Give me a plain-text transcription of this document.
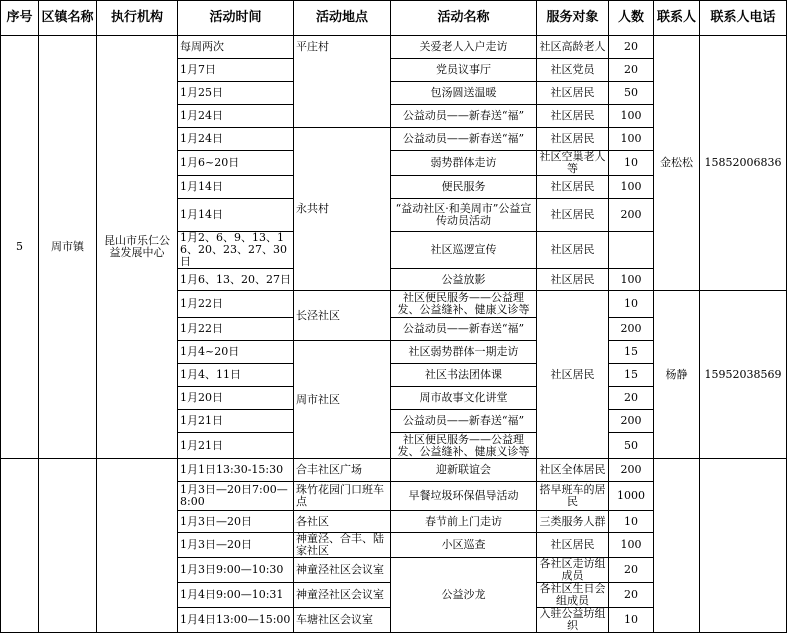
序号	区镇名称	执行机构	活动时间	活动地点	活动名称	服务对象	人数	联系人	联系人电话
5	周市镇	昆山市乐仁公益发展中心	每周两次	平庄村	关爱老人入户走访	社区高龄老人	20	金松松	15852006836
			1月7日		党员议事厅	社区党员	20		
			1月25日		包汤圆送温暖	社区居民	50		
			1月24日		公益动员——新春送“福”	社区居民	100		
			1月24日	永共村	公益动员——新春送“福”	社区居民	100		
			1月6~20日		弱势群体走访	社区空巢老人等	10		
			1月14日		便民服务	社区居民	100		
			1月14日		“益动社区·和美周市”公益宣传动员活动	社区居民	200		
			1月2、6、9、13、16、20、23、27、30日		社区巡逻宣传	社区居民			
			1月6、13、20、27日		公益放影	社区居民	100		
			1月22日	长泾社区	社区便民服务——公益理发、公益缝补、健康义诊等	社区居民	10	杨静	15952038569
			1月22日		公益动员——新春送“福”		200		
			1月4~20日	周市社区	社区弱势群体一期走访		15		
			1月4、11日		社区书法团体课		15		
			1月20日		周市故事文化讲堂		20		
			1月21日		公益动员——新春送“福”		200		
			1月21日		社区便民服务——公益理发、公益缝补、健康义诊等		50		
			1月1日13:30-15:30	合丰社区广场	迎新联谊会	社区全体居民	200		
			1月3日—20日7:00—8:00	珠竹花园门口班车点	早餐垃圾环保倡导活动	搭早班车的居民	1000		
			1月3日—20日	各社区	春节前上门走访	三类服务人群	10		
			1月3日—20日	神童泾、合丰、陆家社区	小区巡查	社区居民	100		
			1月3日9:00—10:30	神童泾社区会议室	公益沙龙	各社区走访组成员	20		
			1月4日9:00—10:31	神童泾社区会议室		各社区生日会组成员	20		
			1月4日13:00—15:00	车塘社区会议室		入驻公益坊组织	10		
